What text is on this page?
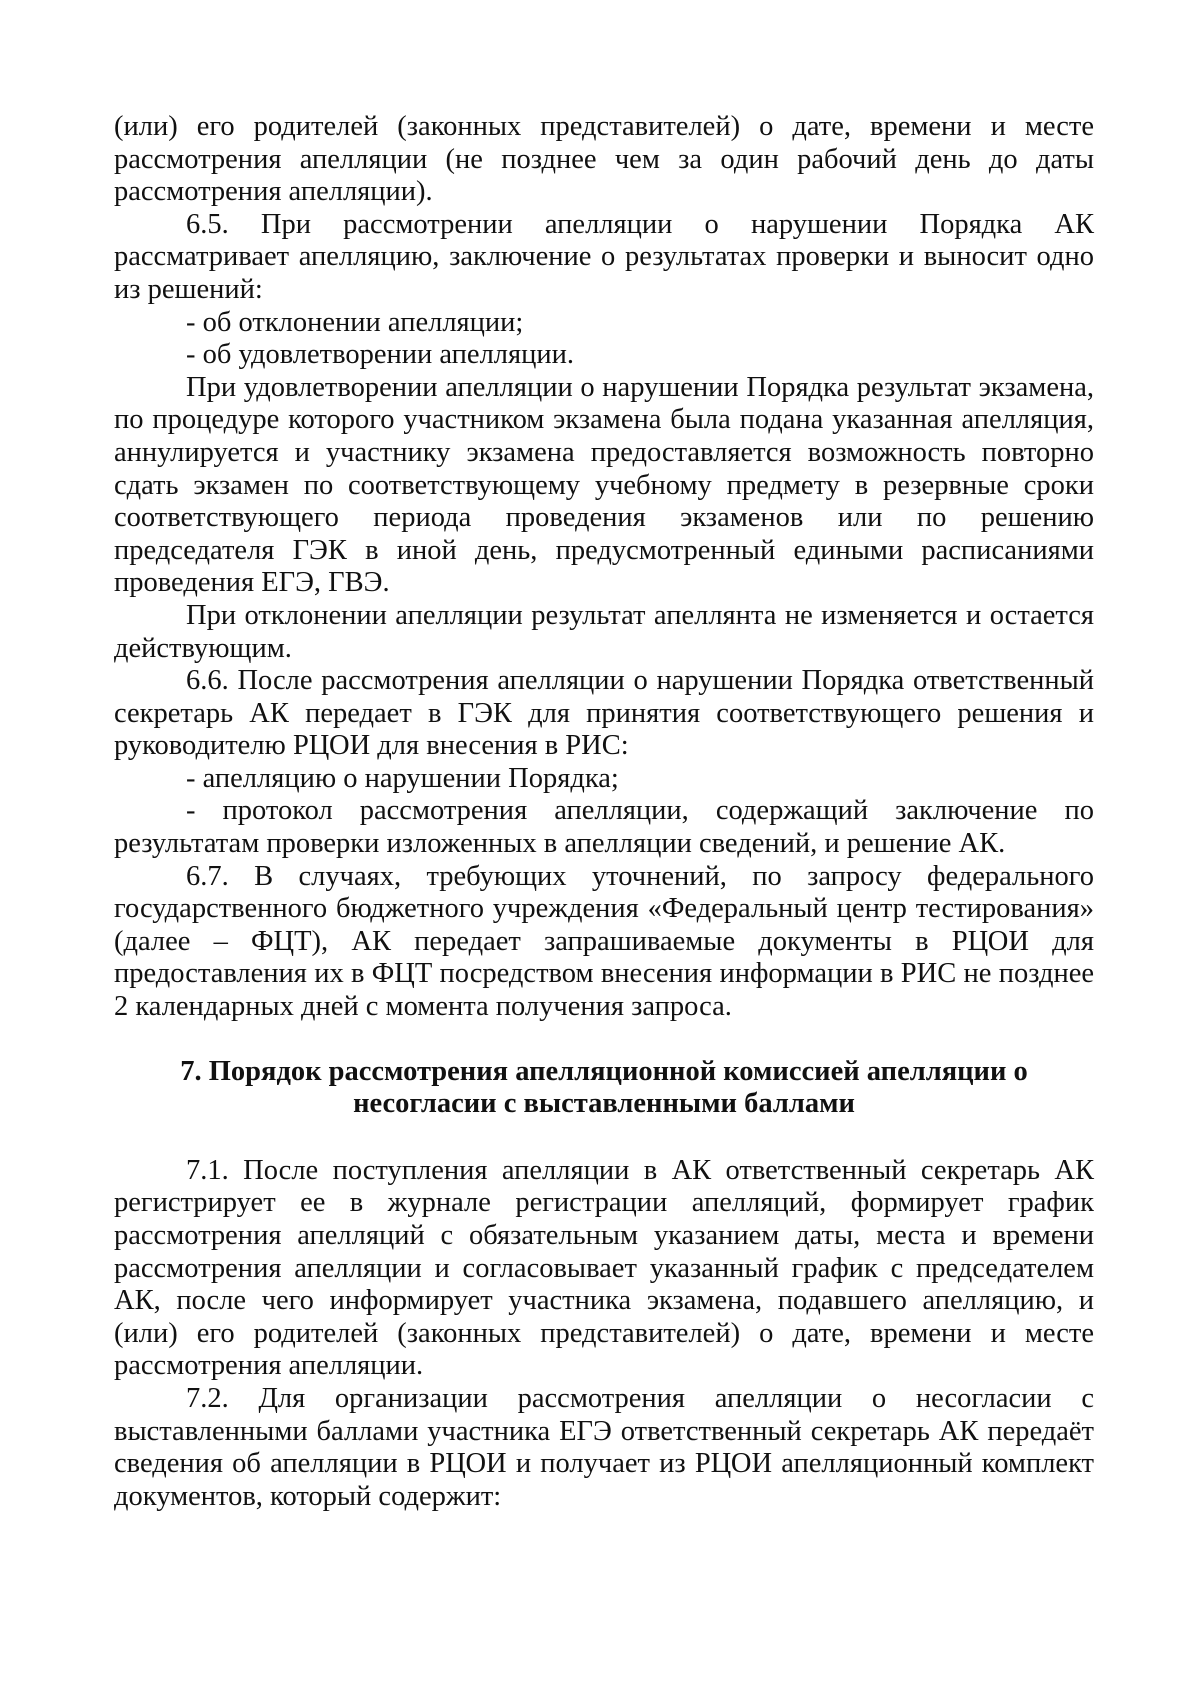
(или) его родителей (законных представителей) о дате, времени и месте рассмотрения апелляции (не позднее чем за один рабочий день до даты рассмотрения апелляции).

6.5. При рассмотрении апелляции о нарушении Порядка АК рассматривает апелляцию, заключение о результатах проверки и выносит одно из решений:

- об отклонении апелляции;

- об удовлетворении апелляции.

При удовлетворении апелляции о нарушении Порядка результат экзамена, по процедуре которого участником экзамена была подана указанная апелляция, аннулируется и участнику экзамена предоставляется возможность повторно сдать экзамен по соответствующему учебному предмету в резервные сроки соответствующего периода проведения экзаменов или по решению председателя ГЭК в иной день, предусмотренный едиными расписаниями проведения ЕГЭ, ГВЭ.

При отклонении апелляции результат апеллянта не изменяется и остается действующим.

6.6. После рассмотрения апелляции о нарушении Порядка ответственный секретарь АК передает в ГЭК для принятия соответствующего решения и руководителю РЦОИ для внесения в РИС:

- апелляцию о нарушении Порядка;

- протокол рассмотрения апелляции, содержащий заключение по результатам проверки изложенных в апелляции сведений, и решение АК.

6.7. В случаях, требующих уточнений, по запросу федерального государственного бюджетного учреждения «Федеральный центр тестирования» (далее – ФЦТ), АК передает запрашиваемые документы в РЦОИ для предоставления их в ФЦТ посредством внесения информации в РИС не позднее 2 календарных дней с момента получения запроса.

7. Порядок рассмотрения апелляционной комиссией апелляции о
несогласии с выставленными баллами

7.1. После поступления апелляции в АК ответственный секретарь АК регистрирует ее в журнале регистрации апелляций, формирует график рассмотрения апелляций с обязательным указанием даты, места и времени рассмотрения апелляции и согласовывает указанный график с председателем АК, после чего информирует участника экзамена, подавшего апелляцию, и (или) его родителей (законных представителей) о дате, времени и месте рассмотрения апелляции.

7.2. Для организации рассмотрения апелляции о несогласии с выставленными баллами участника ЕГЭ ответственный секретарь АК передаёт сведения об апелляции в РЦОИ и получает из РЦОИ апелляционный комплект документов, который содержит:
